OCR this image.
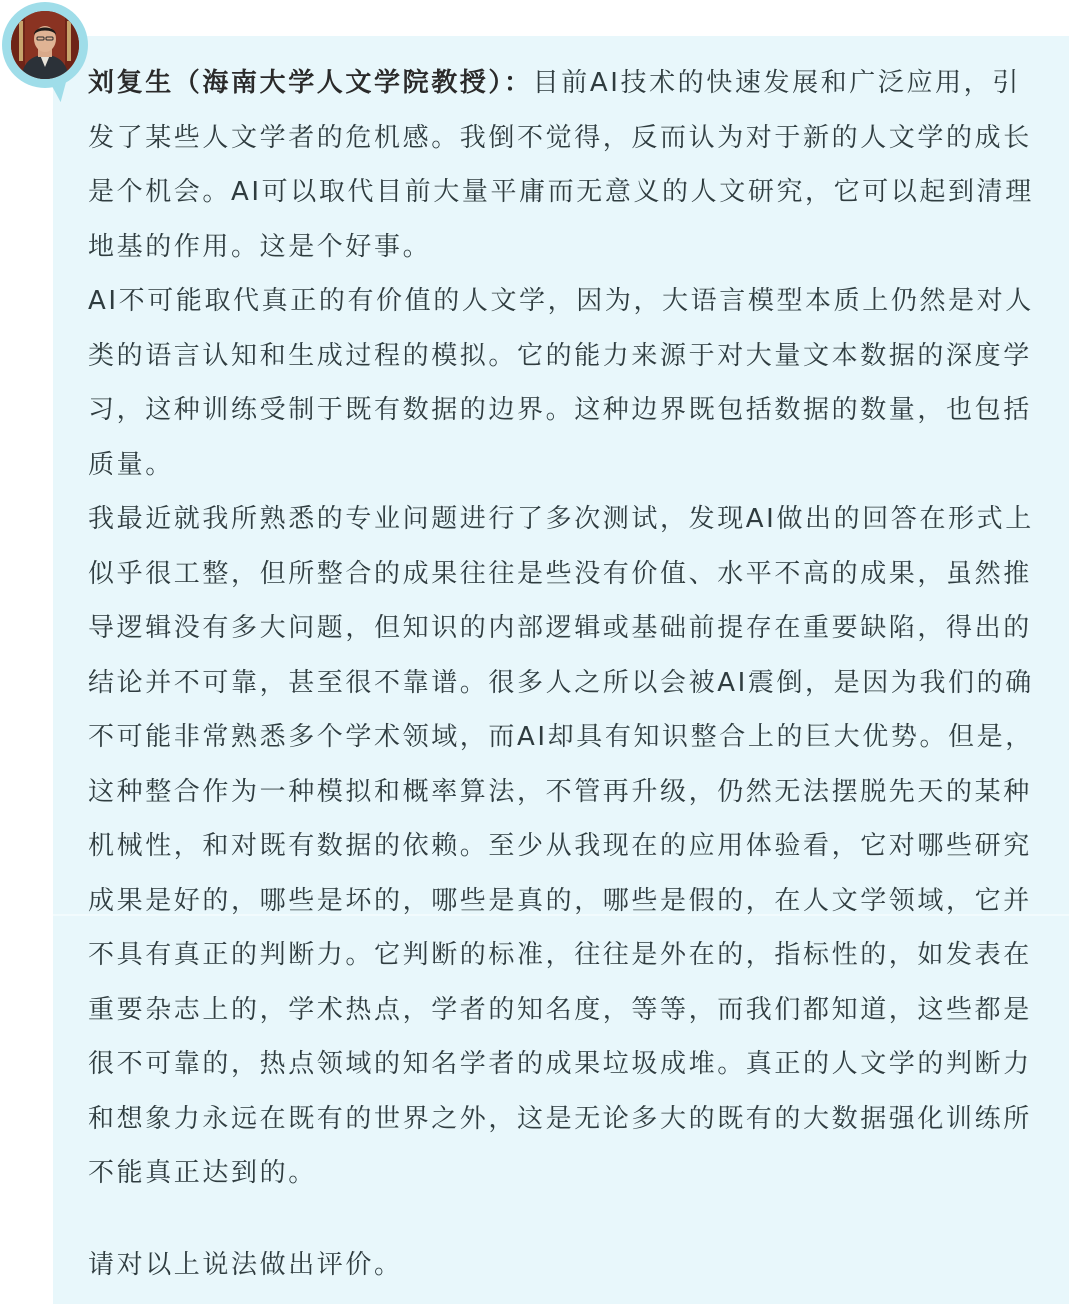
刘复生（海南大学人文学院教授）：目前AI技术的快速发展和广泛应用，引发了某些人文学者的危机感。我倒不觉得，反而认为对于新的人文学的成长是个机会。AI可以取代目前大量平庸而无意义的人文研究，它可以起到清理地基的作用。这是个好事。

AI不可能取代真正的有价值的人文学，因为，大语言模型本质上仍然是对人类的语言认知和生成过程的模拟。它的能力来源于对大量文本数据的深度学习，这种训练受制于既有数据的边界。这种边界既包括数据的数量，也包括质量。

我最近就我所熟悉的专业问题进行了多次测试，发现AI做出的回答在形式上似乎很工整，但所整合的成果往往是些没有价值、水平不高的成果，虽然推导逻辑没有多大问题，但知识的内部逻辑或基础前提存在重要缺陷，得出的结论并不可靠，甚至很不靠谱。很多人之所以会被AI震倒，是因为我们的确不可能非常熟悉多个学术领域，而AI却具有知识整合上的巨大优势。但是，这种整合作为一种模拟和概率算法，不管再升级，仍然无法摆脱先天的某种机械性，和对既有数据的依赖。至少从我现在的应用体验看，它对哪些研究成果是好的，哪些是坏的，哪些是真的，哪些是假的，在人文学领域，它并不具有真正的判断力。它判断的标准，往往是外在的，指标性的，如发表在重要杂志上的，学术热点，学者的知名度，等等，而我们都知道，这些都是很不可靠的，热点领域的知名学者的成果垃圾成堆。真正的人文学的判断力和想象力永远在既有的世界之外，这是无论多大的既有的大数据强化训练所不能真正达到的。

请对以上说法做出评价。
